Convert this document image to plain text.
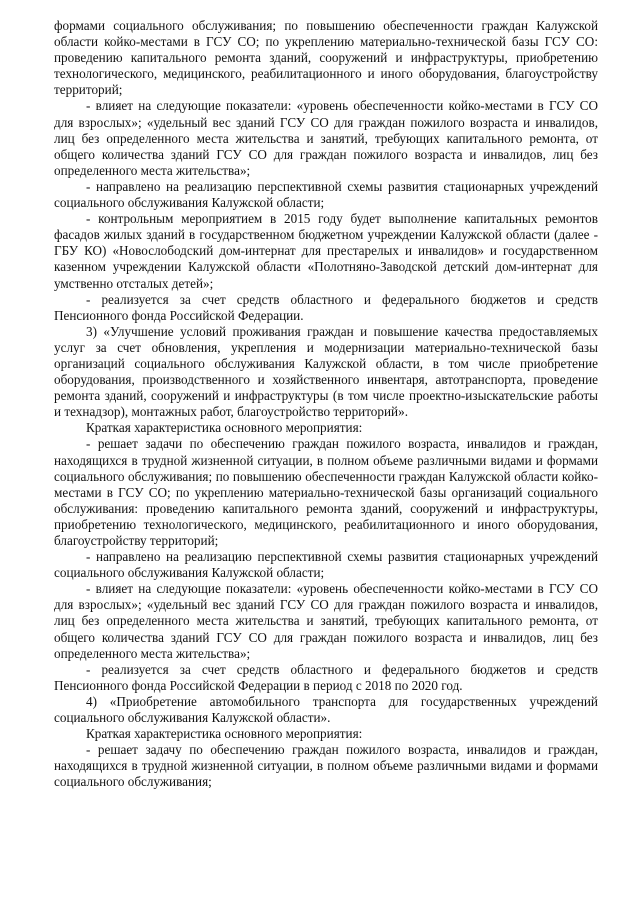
формами социального обслуживания; по повышению обеспеченности граждан Калужской области койко-местами в ГСУ СО; по укреплению материально-технической базы ГСУ СО: проведению капитального ремонта зданий, сооружений и инфраструктуры, приобретению технологического, медицинского, реабилитационного и иного оборудования, благоустройству территорий;

- влияет на следующие показатели: «уровень обеспеченности койко-местами в ГСУ СО для взрослых»; «удельный вес зданий ГСУ СО для граждан пожилого возраста и инвалидов, лиц без определенного места жительства и занятий, требующих капитального ремонта, от общего количества зданий ГСУ СО для граждан пожилого возраста и инвалидов, лиц без определенного места жительства»;

- направлено на реализацию перспективной схемы развития стационарных учреждений социального обслуживания Калужской области;

- контрольным мероприятием в 2015 году будет выполнение капитальных ремонтов фасадов жилых зданий в государственном бюджетном учреждении Калужской области (далее - ГБУ КО) «Новослободский дом-интернат для престарелых и инвалидов» и государственном казенном учреждении Калужской области «Полотняно-Заводской детский дом-интернат для умственно отсталых детей»;

- реализуется за счет средств областного и федерального бюджетов и средств Пенсионного фонда Российской Федерации.

3) «Улучшение условий проживания граждан и повышение качества предоставляемых услуг за счет обновления, укрепления и модернизации материально-технической базы организаций социального обслуживания Калужской области, в том числе приобретение оборудования, производственного и хозяйственного инвентаря, автотранспорта, проведение ремонта зданий, сооружений и инфраструктуры (в том числе проектно-изыскательские работы и технадзор), монтажных работ, благоустройство территорий».

Краткая характеристика основного мероприятия:

- решает задачи по обеспечению граждан пожилого возраста, инвалидов и граждан, находящихся в трудной жизненной ситуации, в полном объеме различными видами и формами социального обслуживания; по повышению обеспеченности граждан Калужской области койко-местами в ГСУ СО; по укреплению материально-технической базы организаций социального обслуживания: проведению капитального ремонта зданий, сооружений и инфраструктуры, приобретению технологического, медицинского, реабилитационного и иного оборудования, благоустройству территорий;

- направлено на реализацию перспективной схемы развития стационарных учреждений социального обслуживания Калужской области;

- влияет на следующие показатели: «уровень обеспеченности койко-местами в ГСУ СО для взрослых»; «удельный вес зданий ГСУ СО для граждан пожилого возраста и инвалидов, лиц без определенного места жительства и занятий, требующих капитального ремонта, от общего количества зданий ГСУ СО для граждан пожилого возраста и инвалидов, лиц без определенного места жительства»;

- реализуется за счет средств областного и федерального бюджетов и средств Пенсионного фонда Российской Федерации в период с 2018 по 2020 год.

4) «Приобретение автомобильного транспорта для государственных учреждений социального обслуживания Калужской области».

Краткая характеристика основного мероприятия:

- решает задачу по обеспечению граждан пожилого возраста, инвалидов и граждан, находящихся в трудной жизненной ситуации, в полном объеме различными видами и формами социального обслуживания;
